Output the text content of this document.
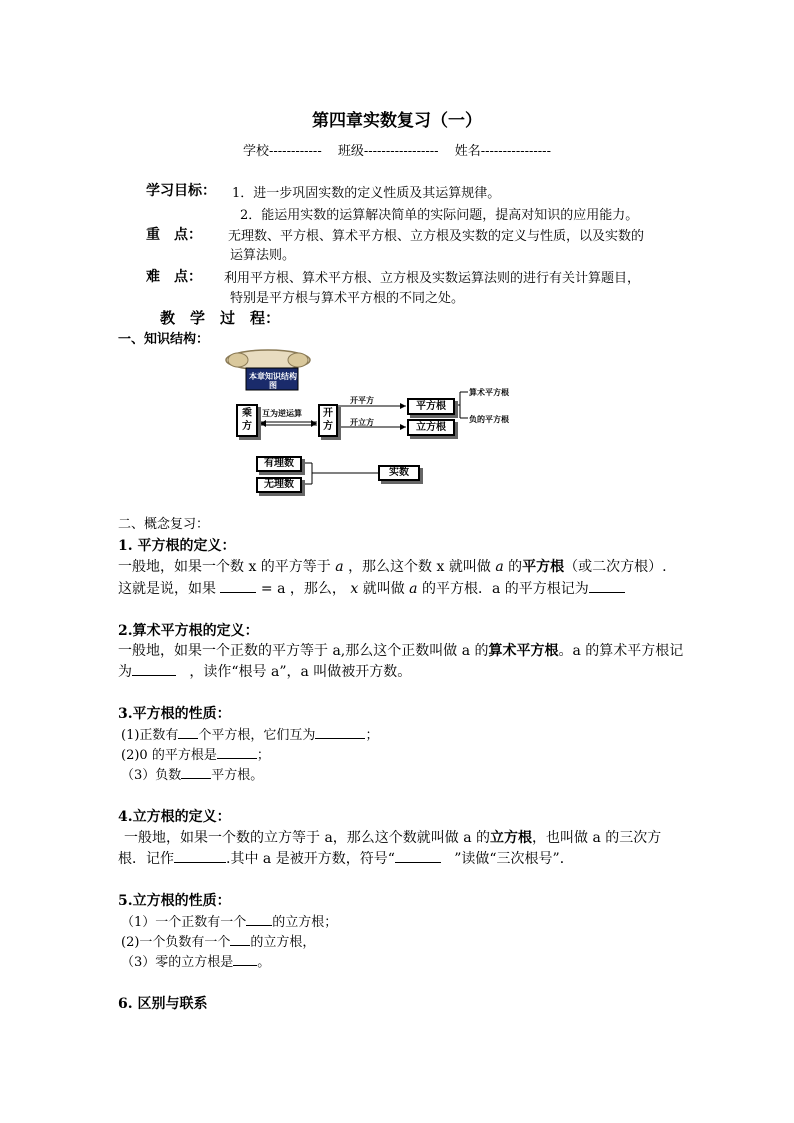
第四章实数复习（一）
学校------------ 班级----------------- 姓名----------------
学习目标： 1．进一步巩固实数的定义性质及其运算规律。
2．能运用实数的运算解决简单的实际问题，提高对知识的应用能力。
重　点： 无理数、平方根、算术平方根、立方根及实数的定义与性质，以及实数的
运算法则。
难　点： 利用平方根、算术平方根、立方根及实数运算法则的进行有关计算题目，
特别是平方根与算术平方根的不同之处。
教　学　过　程：
一、知识结构：
本章知识结构图
乘方
互为逆运算	开方
开平方
开立方
平方根
立方根
算术平方根
负的平方根
有理数
无理数
实数
二、概念复习：
1. 平方根的定义：
一般地，如果一个数 x 的平方等于 a ，那么这个数 x 就叫做 a 的平方根（或二次方根）.
这就是说，如果	= a ，那么， x 就叫做 a 的平方根．a 的平方根记为
2.算术平方根的定义：
一般地，如果一个正数的平方等于 a,那么这个正数叫做 a 的算术平方根。a 的算术平方根记
为	，读作“根号 a”，a 叫做被开方数。
3.平方根的性质：
(1)正数有 个平方根，它们互为	；
(2)0 的平方根是	；
（3）负数 平方根。
4.立方根的定义：
一般地，如果一个数的立方等于 a，那么这个数就叫做 a 的立方根，也叫做 a 的三次方
根．记作	.其中 a 是被开方数，符号“	”读做“三次根号”．
5.立方根的性质：
（1）一个正数有一个 的立方根；
(2)一个负数有一个 的立方根，
（3）零的立方根是 。
6. 区别与联系
